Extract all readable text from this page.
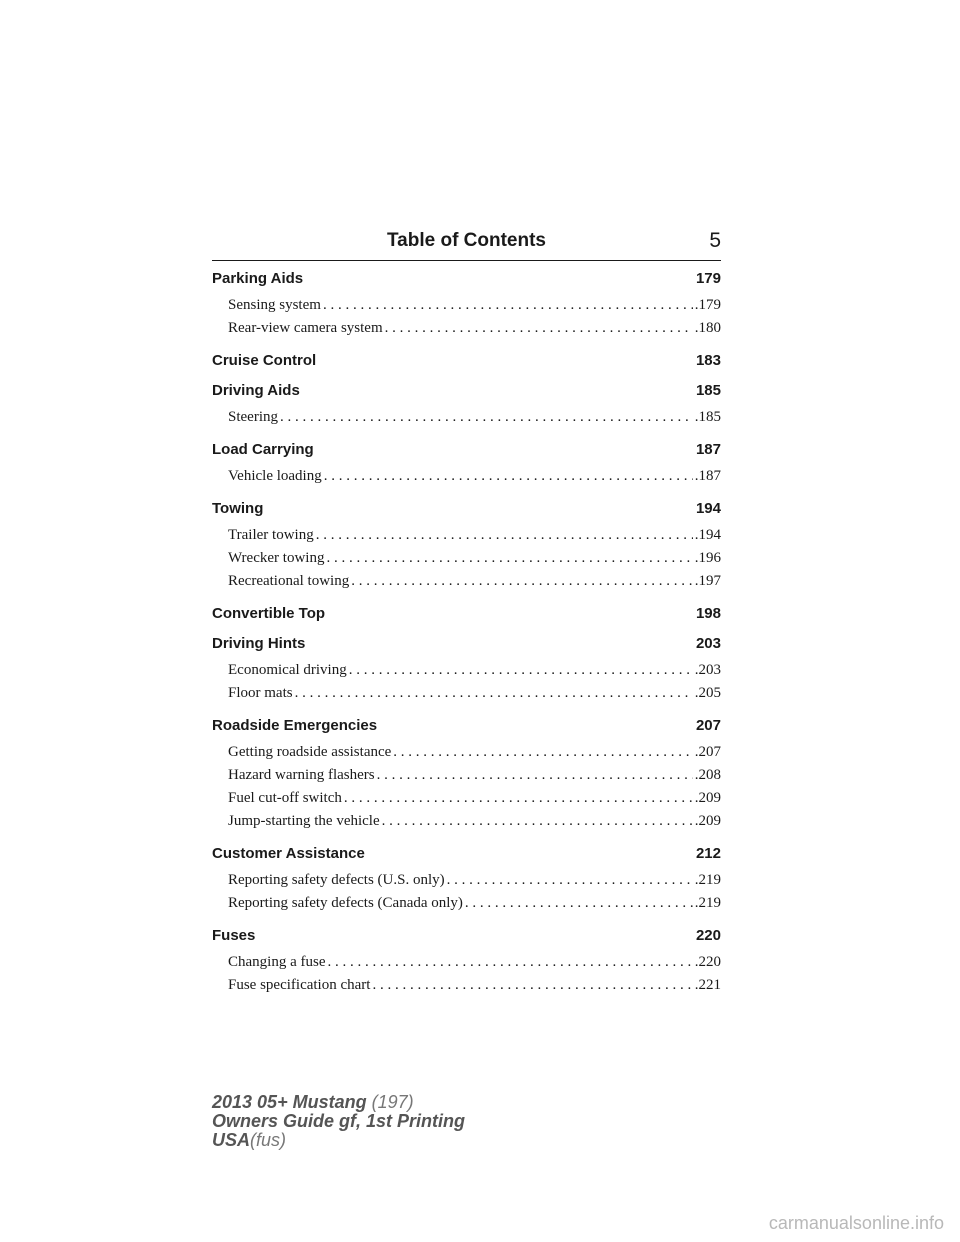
Table of Contents	5
Parking Aids	179
Sensing system . . .	.179
Rear-view camera system . . .	.180
Cruise Control	183
Driving Aids	185
Steering . . .	.185
Load Carrying	187
Vehicle loading . . .	.187
Towing	194
Trailer towing . . .	.194
Wrecker towing . . .	.196
Recreational towing . . .	.197
Convertible Top	198
Driving Hints	203
Economical driving . . .	.203
Floor mats . . .	.205
Roadside Emergencies	207
Getting roadside assistance . . .	.207
Hazard warning flashers . . .	.208
Fuel cut-off switch . . .	.209
Jump-starting the vehicle . . .	.209
Customer Assistance	212
Reporting safety defects (U.S. only) . . .	.219
Reporting safety defects (Canada only) . . .	.219
Fuses	220
Changing a fuse . . .	.220
Fuse specification chart . . .	.221
2013 05+ Mustang (197)
Owners Guide gf, 1st Printing
USA(fus)
carmanualsonline.info
